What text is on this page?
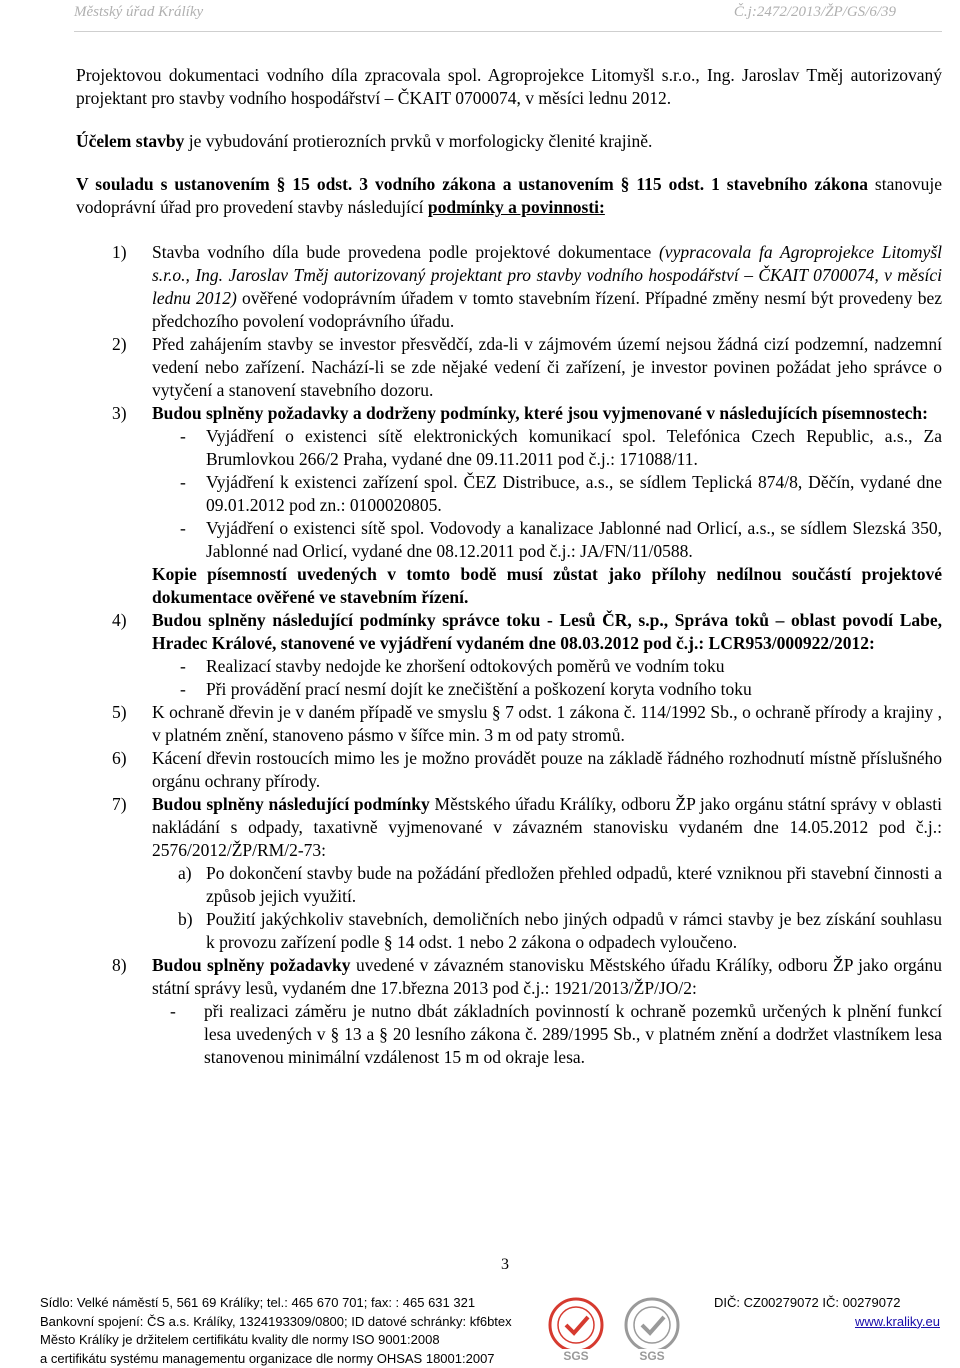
Městský úřad Králíky	Č.j:2472/2013/ŽP/GS/6/39

Projektovou dokumentaci vodního díla zpracovala spol. Agroprojekce Litomyšl s.r.o., Ing. Jaroslav Tměj autorizovaný projektant pro stavby vodního hospodářství – ČKAIT 0700074, v měsíci lednu 2012.

Účelem stavby je vybudování protierozních prvků v morfologicky členité krajině.

V souladu s ustanovením § 15 odst. 3 vodního zákona a ustanovením § 115 odst. 1 stavebního zákona stanovuje vodoprávní úřad pro provedení stavby následující podmínky a povinnosti:

1) Stavba vodního díla bude provedena podle projektové dokumentace (vypracovala fa Agroprojekce Litomyšl s.r.o., Ing. Jaroslav Tměj autorizovaný projektant pro stavby vodního hospodářství – ČKAIT 0700074, v měsíci lednu 2012) ověřené vodoprávním úřadem v tomto stavebním řízení. Případné změny nesmí být provedeny bez předchozího povolení vodoprávního úřadu.
2) Před zahájením stavby se investor přesvědčí, zda-li v zájmovém území nejsou žádná cizí podzemní, nadzemní vedení nebo zařízení. Nachází-li se zde nějaké vedení či zařízení, je investor povinen požádat jeho správce o vytyčení a stanovení stavebního dozoru.
3) Budou splněny požadavky a dodrženy podmínky, které jsou vyjmenované v následujících písemnostech:
- Vyjádření o existenci sítě elektronických komunikací spol. Telefónica Czech Republic, a.s., Za Brumlovkou 266/2 Praha, vydané dne 09.11.2011 pod č.j.: 171088/11.
- Vyjádření k existenci zařízení spol. ČEZ Distribuce, a.s., se sídlem Teplická 874/8, Děčín, vydané dne 09.01.2012 pod zn.: 0100020805.
- Vyjádření o existenci sítě spol. Vodovody a kanalizace Jablonné nad Orlicí, a.s., se sídlem Slezská 350, Jablonné nad Orlicí, vydané dne 08.12.2011 pod č.j.: JA/FN/11/0588.
Kopie písemností uvedených v tomto bodě musí zůstat jako přílohy nedílnou součástí projektové dokumentace ověřené ve stavebním řízení.
4) Budou splněny následující podmínky správce toku - Lesů ČR, s.p., Správa toků – oblast povodí Labe, Hradec Králové, stanovené ve vyjádření vydaném dne 08.03.2012 pod č.j.: LCR953/000922/2012:
- Realizací stavby nedojde ke zhoršení odtokových poměrů ve vodním toku
- Při provádění prací nesmí dojít ke znečištění a poškození koryta vodního toku
5) K ochraně dřevin je v daném případě ve smyslu § 7 odst. 1 zákona č. 114/1992 Sb., o ochraně přírody a krajiny , v platném znění, stanoveno pásmo v šířce min. 3 m od paty stromů.
6) Kácení dřevin rostoucích mimo les je možno provádět pouze na základě řádného rozhodnutí místně příslušného orgánu ochrany přírody.
7) Budou splněny následující podmínky Městského úřadu Králíky, odboru ŽP jako orgánu státní správy v oblasti nakládání s odpady, taxativně vyjmenované v závazném stanovisku vydaném dne 14.05.2012 pod č.j.: 2576/2012/ŽP/RM/2-73:
a) Po dokončení stavby bude na požádání předložen přehled odpadů, které vzniknou při stavební činnosti a způsob jejich využití.
b) Použití jakýchkoliv stavebních, demoličních nebo jiných odpadů v rámci stavby je bez získání souhlasu k provozu zařízení podle § 14 odst. 1 nebo 2 zákona o odpadech vyloučeno.
8) Budou splněny požadavky uvedené v závazném stanovisku Městského úřadu Králíky, odboru ŽP jako orgánu státní správy lesů, vydaném dne 17.března 2013 pod č.j.: 1921/2013/ŽP/JO/2:
- při realizaci záměru je nutno dbát základních povinností k ochraně pozemků určených k plnění funkcí lesa uvedených v § 13 a § 20 lesního zákona č. 289/1995 Sb., v platném znění a dodržet vlastníkem lesa stanovenou minimální vzdálenost 15 m od okraje lesa.
3
SGS	SGS
Sídlo: Velké náměstí 5, 561 69 Králíky; tel.: 465 670 701; fax: : 465 631 321	DIČ: CZ00279072 IČ: 00279072
Bankovní spojení: ČS a.s. Králíky, 1324193309/0800; ID datové schránky: kf6btex	www.kraliky.eu
Město Králíky je držitelem certifikátu kvality dle normy ISO 9001:2008
a certifikátu systému managementu organizace dle normy OHSAS 18001:2007
